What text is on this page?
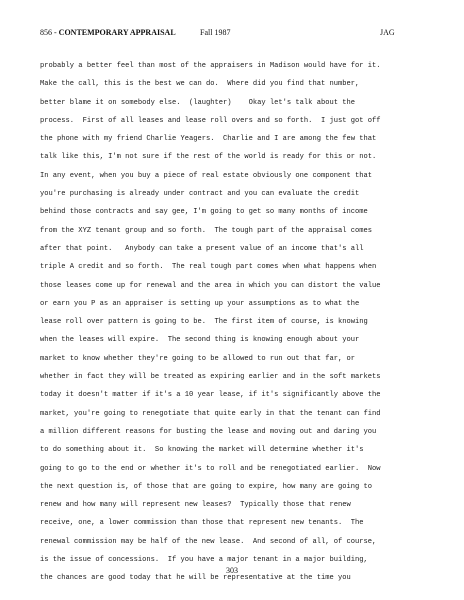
856 - CONTEMPORARY APPRAISAL	Fall 1987	JAG
probably a better feel than most of the appraisers in Madison would have for it.
Make the call, this is the best we can do.  Where did you find that number,
better blame it on somebody else.  (laughter)    Okay let's talk about the
process.  First of all leases and lease roll overs and so forth.  I just got off
the phone with my friend Charlie Yeagers.  Charlie and I are among the few that
talk like this, I'm not sure if the rest of the world is ready for this or not.
In any event, when you buy a piece of real estate obviously one component that
you're purchasing is already under contract and you can evaluate the credit
behind those contracts and say gee, I'm going to get so many months of income
from the XYZ tenant group and so forth.  The tough part of the appraisal comes
after that point.   Anybody can take a present value of an income that's all
triple A credit and so forth.  The real tough part comes when what happens when
those leases come up for renewal and the area in which you can distort the value
or earn you P as an appraiser is setting up your assumptions as to what the
lease roll over pattern is going to be.  The first item of course, is knowing
when the leases will expire.  The second thing is knowing enough about your
market to know whether they're going to be allowed to run out that far, or
whether in fact they will be treated as expiring earlier and in the soft markets
today it doesn't matter if it's a 10 year lease, if it's significantly above the
market, you're going to renegotiate that quite early in that the tenant can find
a million different reasons for busting the lease and moving out and daring you
to do something about it.  So knowing the market will determine whether it's
going to go to the end or whether it's to roll and be renegotiated earlier.  Now
the next question is, of those that are going to expire, how many are going to
renew and how many will represent new leases?  Typically those that renew
receive, one, a lower commission than those that represent new tenants.  The
renewal commission may be half of the new lease.  And second of all, of course,
is the issue of concessions.  If you have a major tenant in a major building,
the chances are good today that he will be representative at the time you
303
